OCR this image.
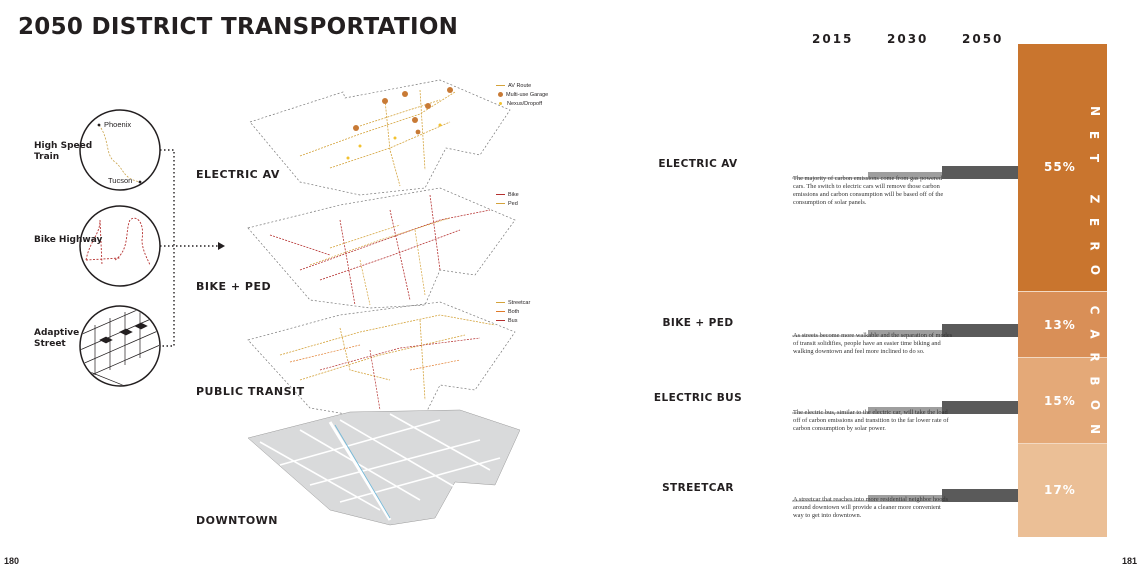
2050 DISTRICT TRANSPORTATION
180
Phoenix
Tucson
High Speed Train
Bike Highway
Adaptive Street
ELECTRIC AV
BIKE + PED
PUBLIC TRANSIT
DOWNTOWN
AV Route
Multi-use Garage
Nexus/Dropoff
Bike
Ped
Streetcar
Both
Bus
181
2015	2030	2050
55%
13%
15%
17%
N
E
T
Z
E
R
O
C
A
R
B
O
N
ELECTRIC AV
The majority of carbon emissions come from gas powered cars. The switch to electric cars will remove those carbon emissions and carbon consumption will be based off of the consumption of solar panels.
BIKE + PED
As streets become more walkable and the separation of modes of transit solidifies, people have an easier time biking and walking downtown and feel more inclined to do so.
ELECTRIC BUS
The electric bus, similar to the electric car, will take the load off of carbon emissions and transition to the far lower rate of carbon consumption by solar power.
STREETCAR
A streetcar that reaches into more residential neighbor hoods around downtown will provide a cleaner more convenient way to get into downtown.
